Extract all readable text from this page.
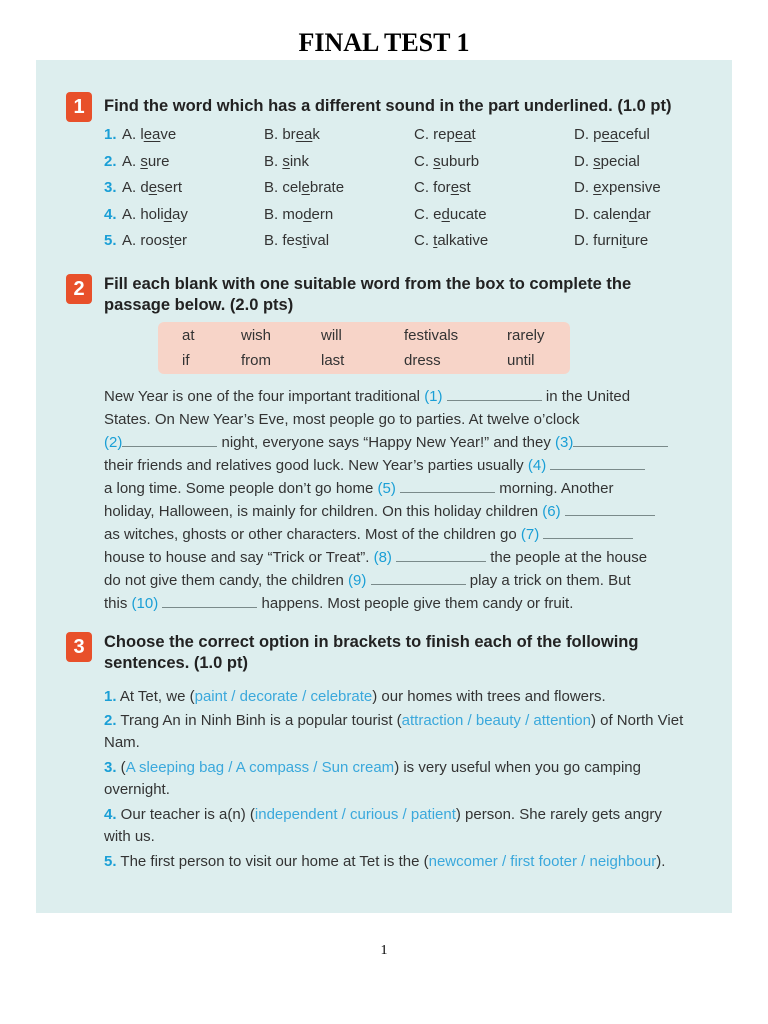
FINAL TEST 1
1	Find the word which has a different sound in the part underlined. (1.0 pt)
1. A. leave	B. break	C. repeat	D. peaceful
2. A. sure	B. sink	C. suburb	D. special
3. A. desert	B. celebrate	C. forest	D. expensive
4. A. holiday	B. modern	C. educate	D. calendar
5. A. rooster	B. festival	C. talkative	D. furniture
2	Fill each blank with one suitable word from the box to complete the
passage below. (2.0 pts)
at	wish	will	festivals	rarely
if	from	last	dress	until
New Year is one of the four important traditional (1)	in the United
States. On New Year’s Eve, most people go to parties. At twelve o’clock
(2)	night, everyone says “Happy New Year!” and they (3)
their friends and relatives good luck. New Year’s parties usually (4)
a long time. Some people don’t go home (5)	morning. Another
holiday, Halloween, is mainly for children. On this holiday children (6)
as witches, ghosts or other characters. Most of the children go (7)
house to house and say “Trick or Treat”. (8)	the people at the house
do not give them candy, the children (9)	play a trick on them. But
this (10)	happens. Most people give them candy or fruit.
3	Choose the correct option in brackets to finish each of the following
sentences. (1.0 pt)
1. At Tet, we (paint / decorate / celebrate) our homes with trees and flowers.
2. Trang An in Ninh Binh is a popular tourist (attraction / beauty / attention) of North Viet Nam.
3. (A sleeping bag / A compass / Sun cream) is very useful when you go camping overnight.
4. Our teacher is a(n) (independent / curious / patient) person. She rarely gets angry with us.
5. The first person to visit our home at Tet is the (newcomer / first footer / neighbour).
1
